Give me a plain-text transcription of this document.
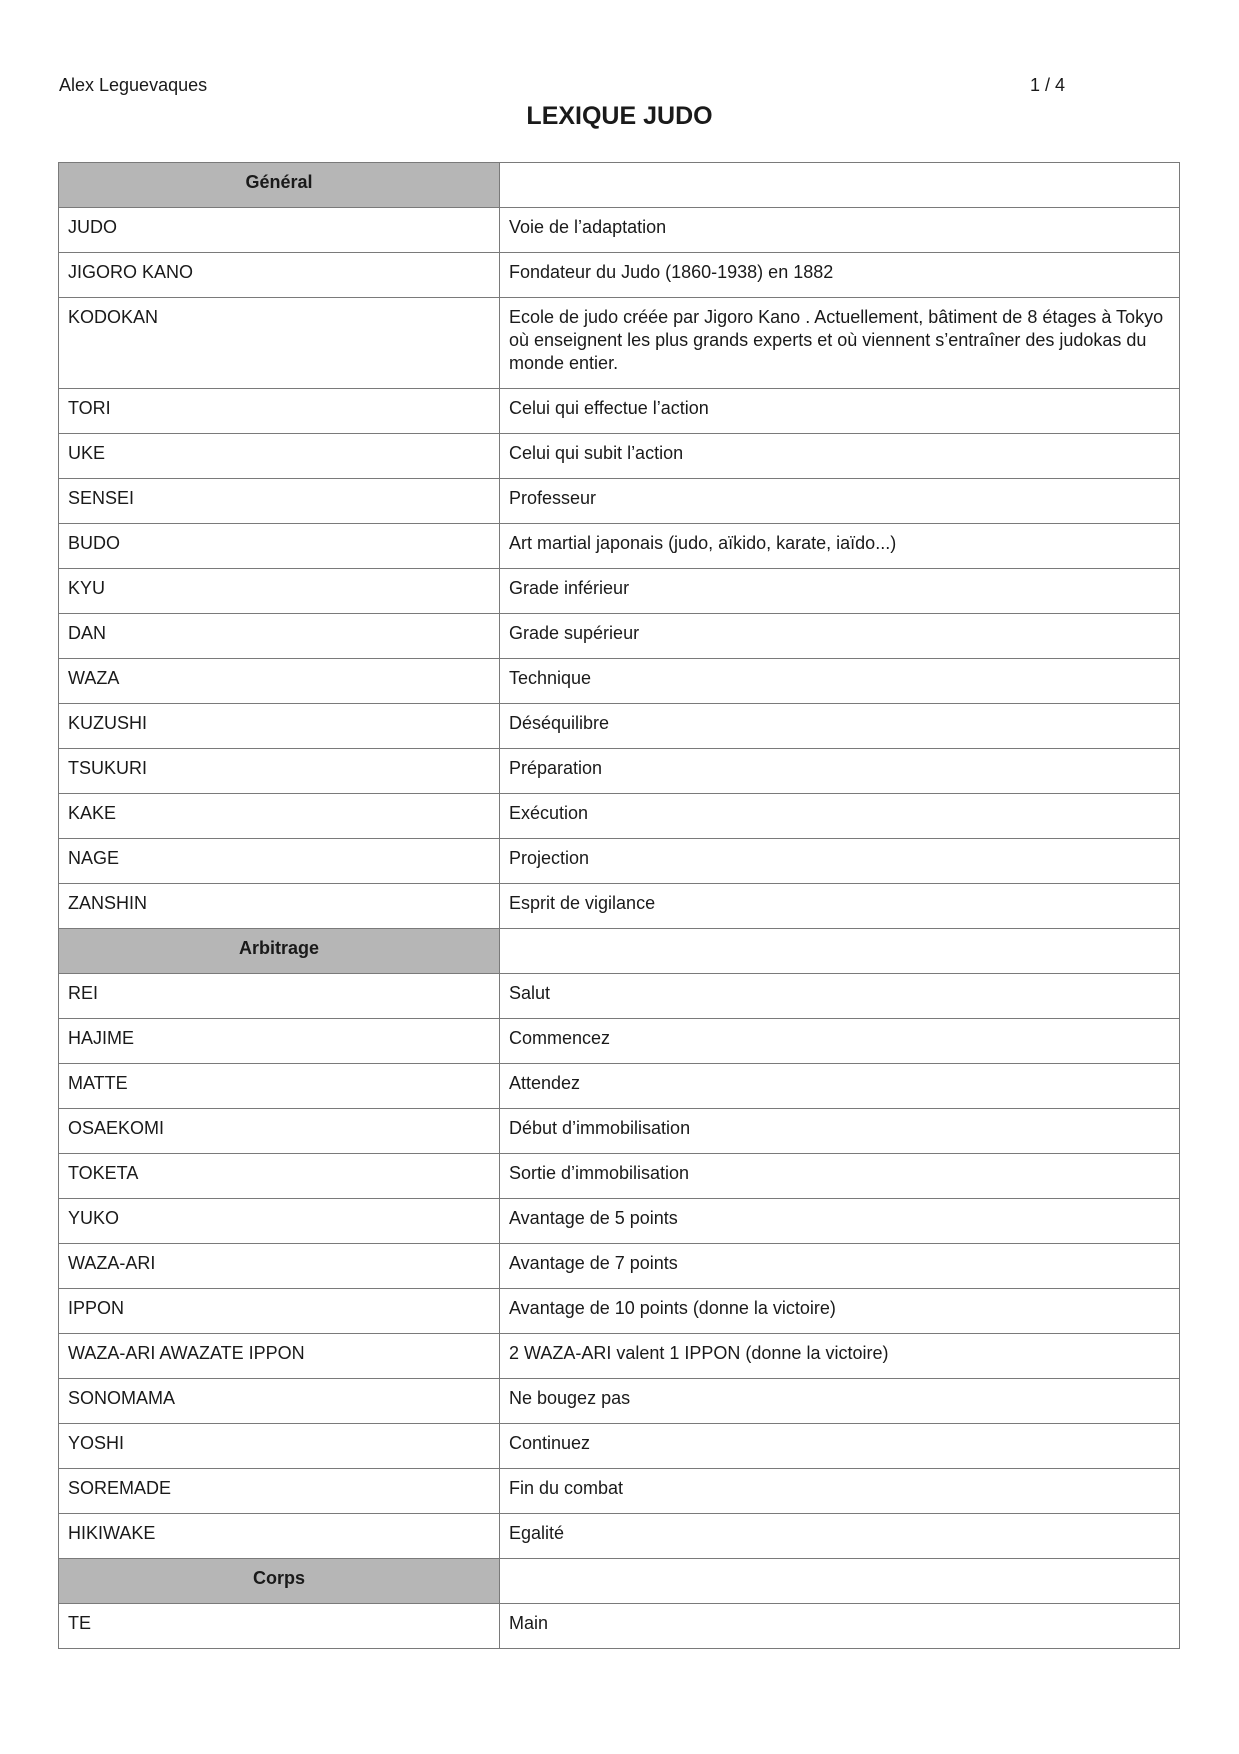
Alex Leguevaques	1 / 4
LEXIQUE JUDO
Général	
JUDO	Voie de l’adaptation
JIGORO KANO	Fondateur du Judo (1860-1938) en 1882
KODOKAN	Ecole de judo créée par Jigoro Kano . Actuellement, bâtiment de 8 étages à Tokyo où enseignent les plus grands experts et où viennent s’entraîner des judokas du monde entier.
TORI	Celui qui effectue l’action
UKE	Celui qui subit l’action
SENSEI	Professeur
BUDO	Art martial japonais (judo, aïkido, karate, iaïdo...)
KYU	Grade inférieur
DAN	Grade supérieur
WAZA	Technique
KUZUSHI	Déséquilibre
TSUKURI	Préparation
KAKE	Exécution
NAGE	Projection
ZANSHIN	Esprit de vigilance
Arbitrage	
REI	Salut
HAJIME	Commencez
MATTE	Attendez
OSAEKOMI	Début d’immobilisation
TOKETA	Sortie d’immobilisation
YUKO	Avantage de 5 points
WAZA-ARI	Avantage de 7 points
IPPON	Avantage de 10 points (donne la victoire)
WAZA-ARI AWAZATE IPPON	2 WAZA-ARI valent 1 IPPON (donne la victoire)
SONOMAMA	Ne bougez pas
YOSHI	Continuez
SOREMADE	Fin du combat
HIKIWAKE	Egalité
Corps	
TE	Main
